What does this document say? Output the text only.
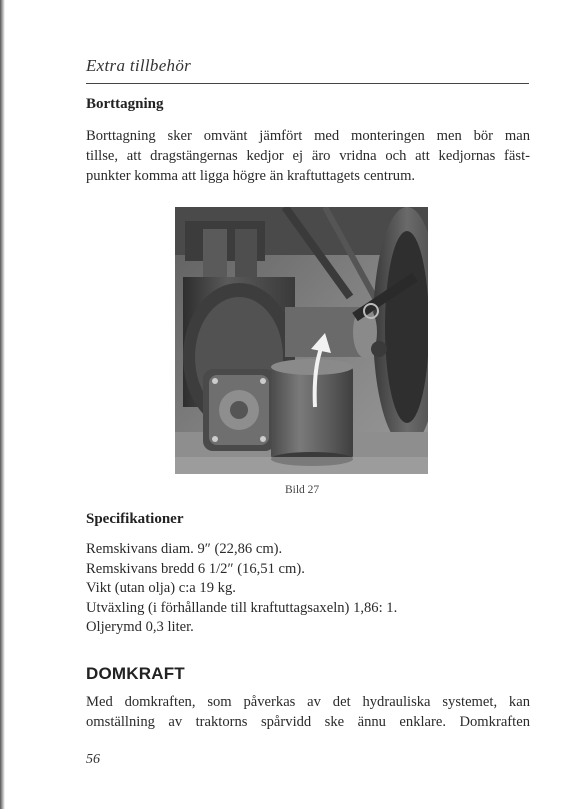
Extra tillbehör
Borttagning
Borttagning sker omvänt jämfört med monteringen men bör man
tillse, att dragstängernas kedjor ej äro vridna och att kedjornas fäst-
punkter komma att ligga högre än kraftuttagets centrum.
Bild 27
Specifikationer
Remskivans diam. 9″ (22,86 cm).
Remskivans bredd 6 1/2″ (16,51 cm).
Vikt (utan olja) c:a 19 kg.
Utväxling (i förhållande till kraftuttagsaxeln) 1,86: 1.
Oljerymd 0,3 liter.
DOMKRAFT
Med domkraften, som påverkas av det hydrauliska systemet, kan
omställning av traktorns spårvidd ske ännu enklare. Domkraften
56
